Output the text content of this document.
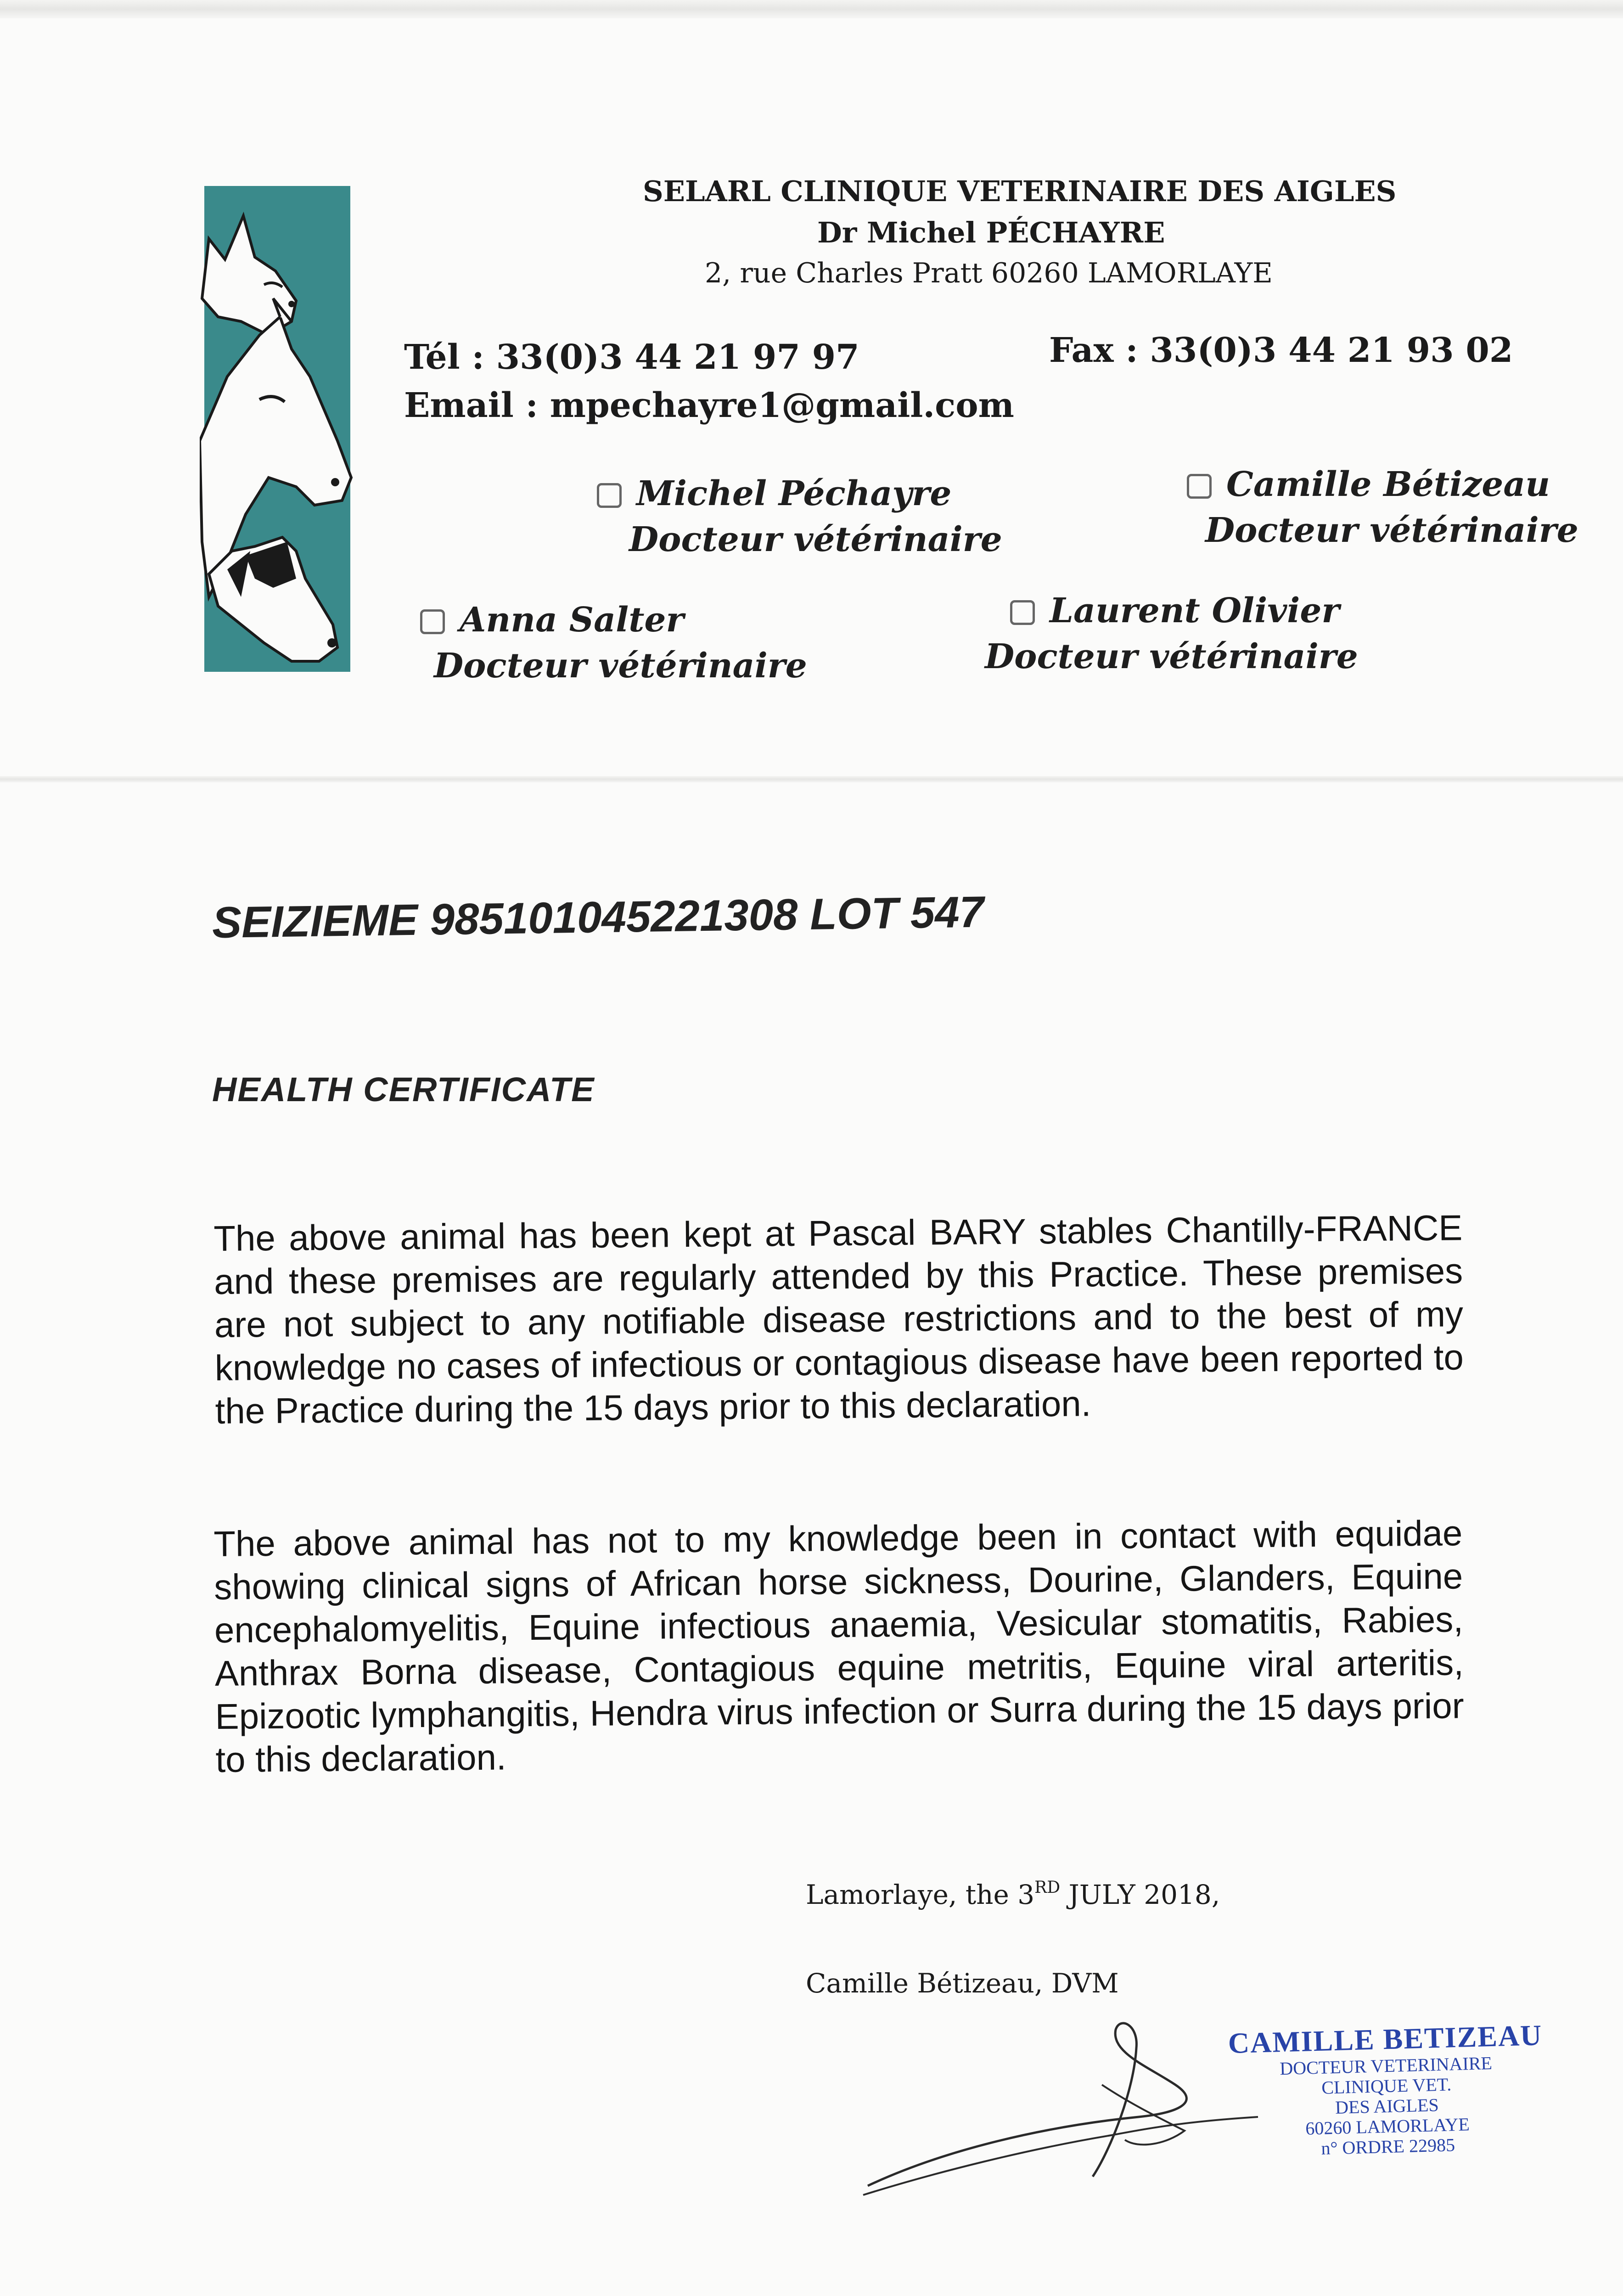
SELARL CLINIQUE VETERINAIRE DES AIGLES
Dr Michel PÉCHAYRE
2, rue Charles Pratt 60260 LAMORLAYE
Tél : 33(0)3 44 21 97 97
Email : mpechayre1@gmail.com
Fax : 33(0)3 44 21 93 02
Michel Péchayre
Docteur vétérinaire
Camille Bétizeau
Docteur vétérinaire
Anna Salter
Docteur vétérinaire
Laurent Olivier
Docteur vétérinaire
SEIZIEME 985101045221308 LOT 547
HEALTH CERTIFICATE
The above animal has been kept at Pascal BARY stables Chantilly-FRANCE and these premises are regularly attended by this Practice. These premises are not subject to any notifiable disease restrictions and to the best of my knowledge no cases of infectious or contagious disease have been reported to the Practice during the 15 days prior to this declaration.
The above animal has not to my knowledge been in contact with equidae showing clinical signs of African horse sickness, Dourine, Glanders, Equine encephalomyelitis, Equine infectious anaemia, Vesicular stomatitis, Rabies, Anthrax Borna disease, Contagious equine metritis, Equine viral arteritis, Epizootic lymphangitis, Hendra virus infection or Surra during the 15 days prior to this declaration.
Lamorlaye, the 3RD JULY 2018,
Camille Bétizeau, DVM
CAMILLE BETIZEAU
DOCTEUR VETERINAIRE
CLINIQUE VET.
DES AIGLES
60260 LAMORLAYE
n° ORDRE 22985
